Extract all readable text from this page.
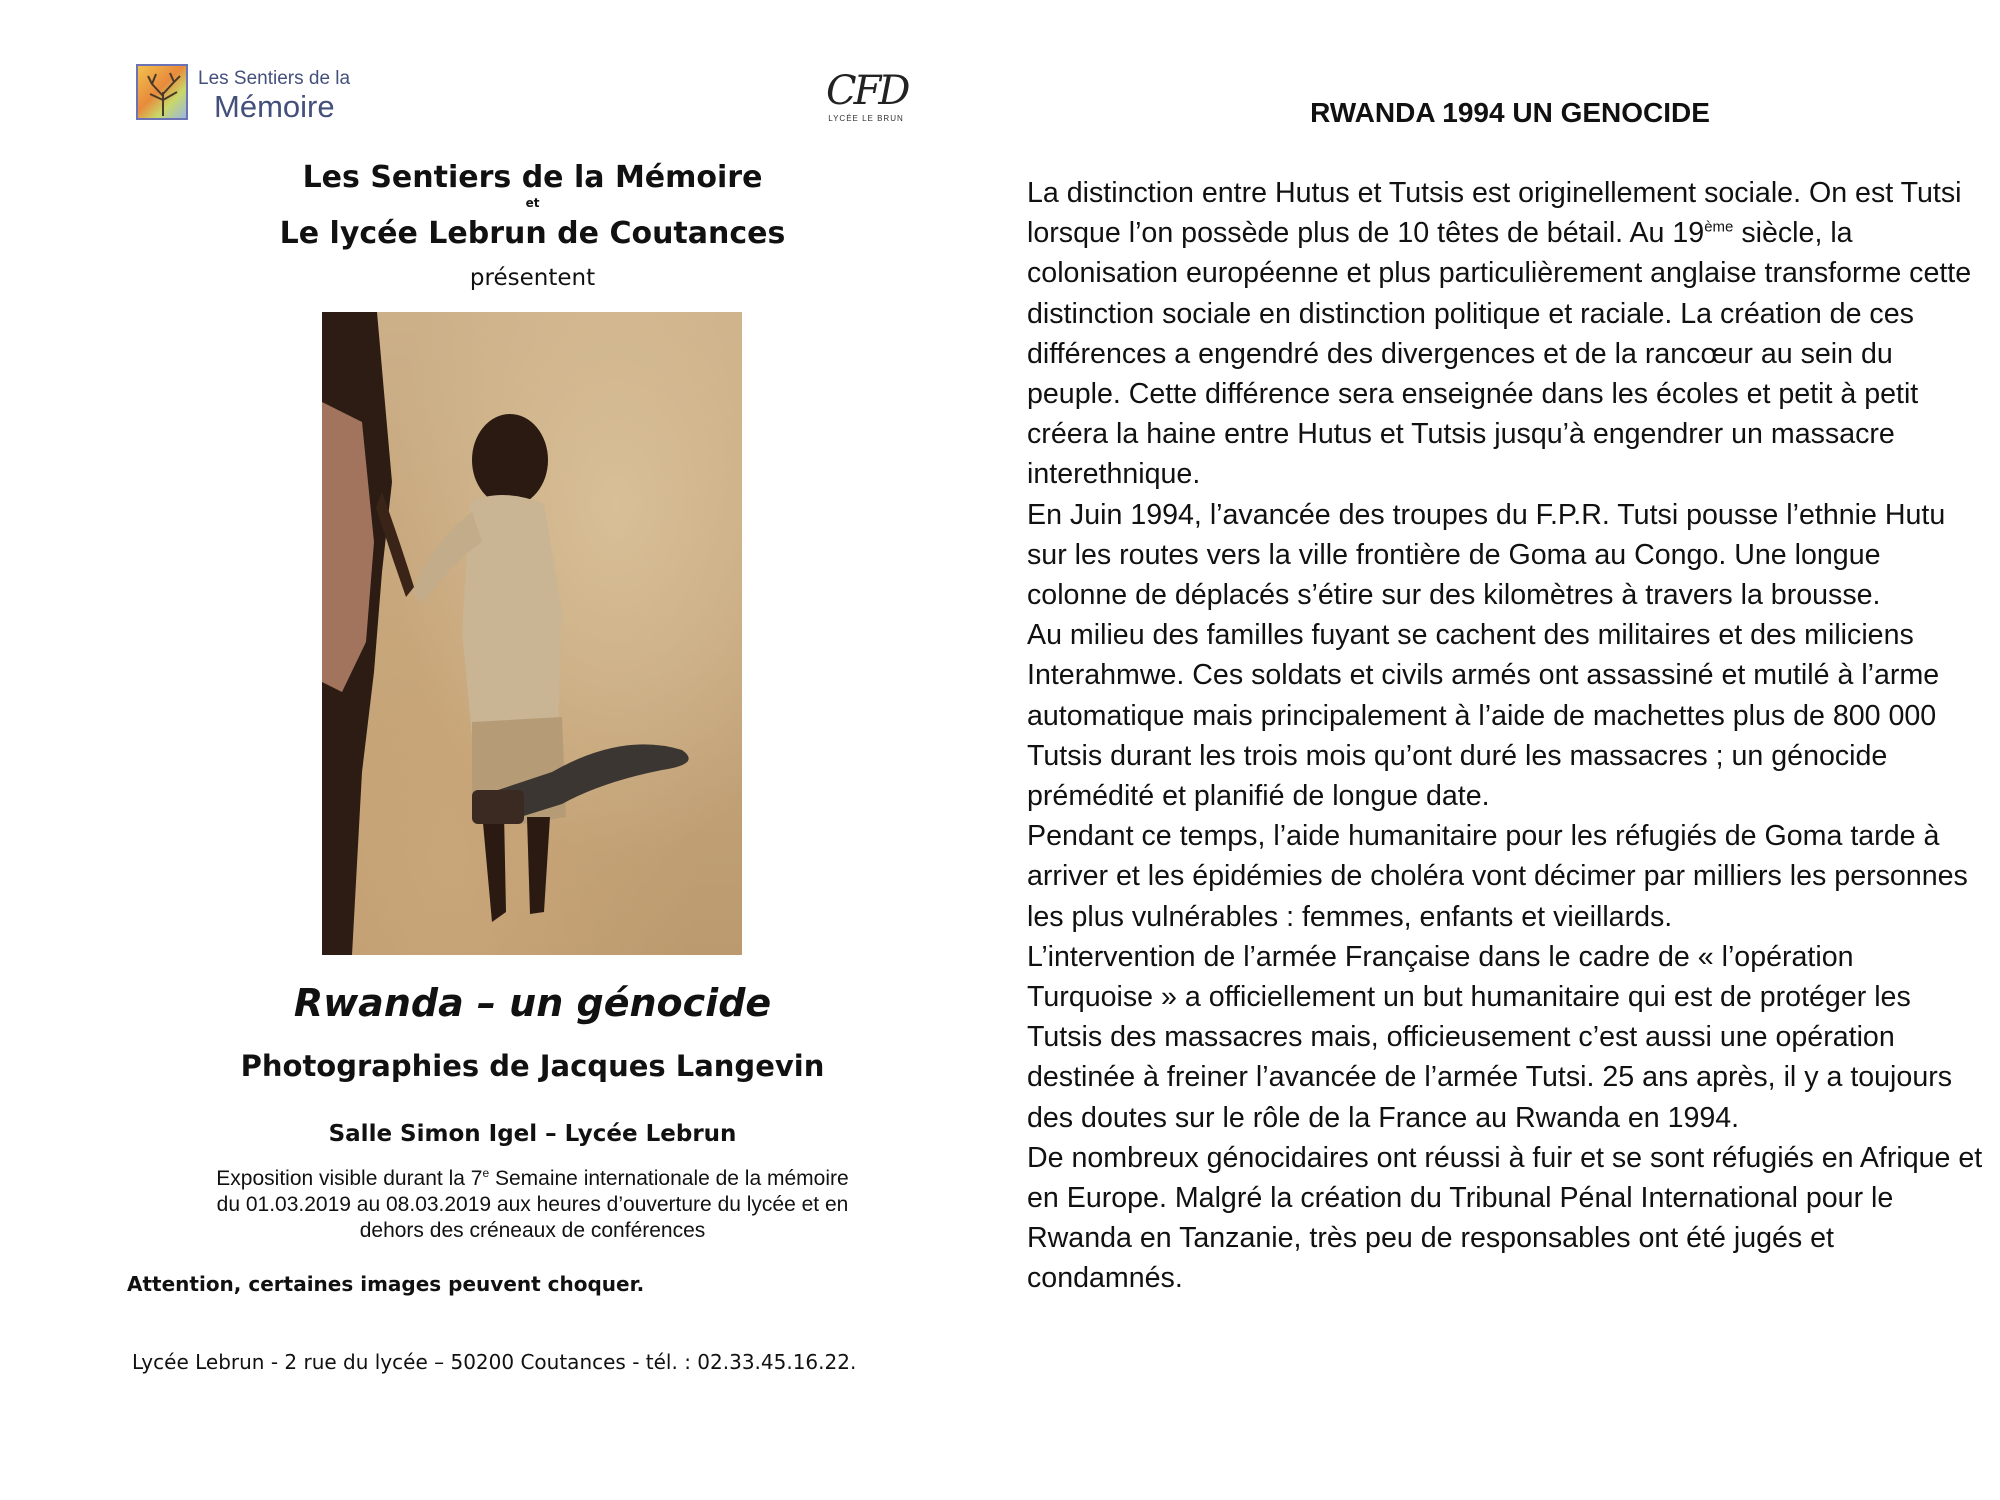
Les Sentiers de la
Mémoire	CFD
LYCÉE LE BRUN
Les Sentiers de la Mémoire
et
Le lycée Lebrun de Coutances
présentent
Rwanda – un génocide
Photographies de Jacques Langevin
Salle Simon Igel – Lycée Lebrun
Exposition visible durant la 7e Semaine internationale de la mémoire
du 01.03.2019 au 08.03.2019 aux heures d’ouverture du lycée et en
dehors des créneaux de conférences
Attention, certaines images peuvent choquer.
Lycée Lebrun - 2 rue du lycée – 50200 Coutances - tél. : 02.33.45.16.22.
RWANDA 1994 UN GENOCIDE

La distinction entre Hutus et Tutsis est originellement sociale. On est Tutsi lorsque l’on possède plus de 10 têtes de bétail. Au 19ème siècle, la colonisation européenne et plus particulièrement anglaise transforme cette distinction sociale en distinction politique et raciale. La création de ces différences a engendré des divergences et de la rancœur au sein du peuple. Cette différence sera enseignée dans les écoles et petit à petit créera la haine entre Hutus et Tutsis jusqu’à engendrer un massacre interethnique.

En Juin 1994, l’avancée des troupes du F.P.R. Tutsi pousse l’ethnie Hutu sur les routes vers la ville frontière de Goma au Congo. Une longue colonne de déplacés s’étire sur des kilomètres à travers la brousse.

Au milieu des familles fuyant se cachent des militaires et des miliciens Interahmwe. Ces soldats et civils armés ont assassiné et mutilé à l’arme automatique mais principalement à l’aide de machettes plus de 800 000 Tutsis durant les trois mois qu’ont duré les massacres ; un génocide prémédité et planifié de longue date.

Pendant ce temps, l’aide humanitaire pour les réfugiés de Goma tarde à arriver et les épidémies de choléra vont décimer par milliers les personnes les plus vulnérables : femmes, enfants et vieillards.

L’intervention de l’armée Française dans le cadre de « l’opération Turquoise » a officiellement un but humanitaire qui est de protéger les Tutsis des massacres mais, officieusement c’est aussi une opération destinée à freiner l’avancée de l’armée Tutsi. 25 ans après, il y a toujours des doutes sur le rôle de la France au Rwanda en 1994.

De nombreux génocidaires ont réussi à fuir et se sont réfugiés en Afrique et en Europe. Malgré la création du Tribunal Pénal International pour le Rwanda en Tanzanie, très peu de responsables ont été jugés et condamnés.
